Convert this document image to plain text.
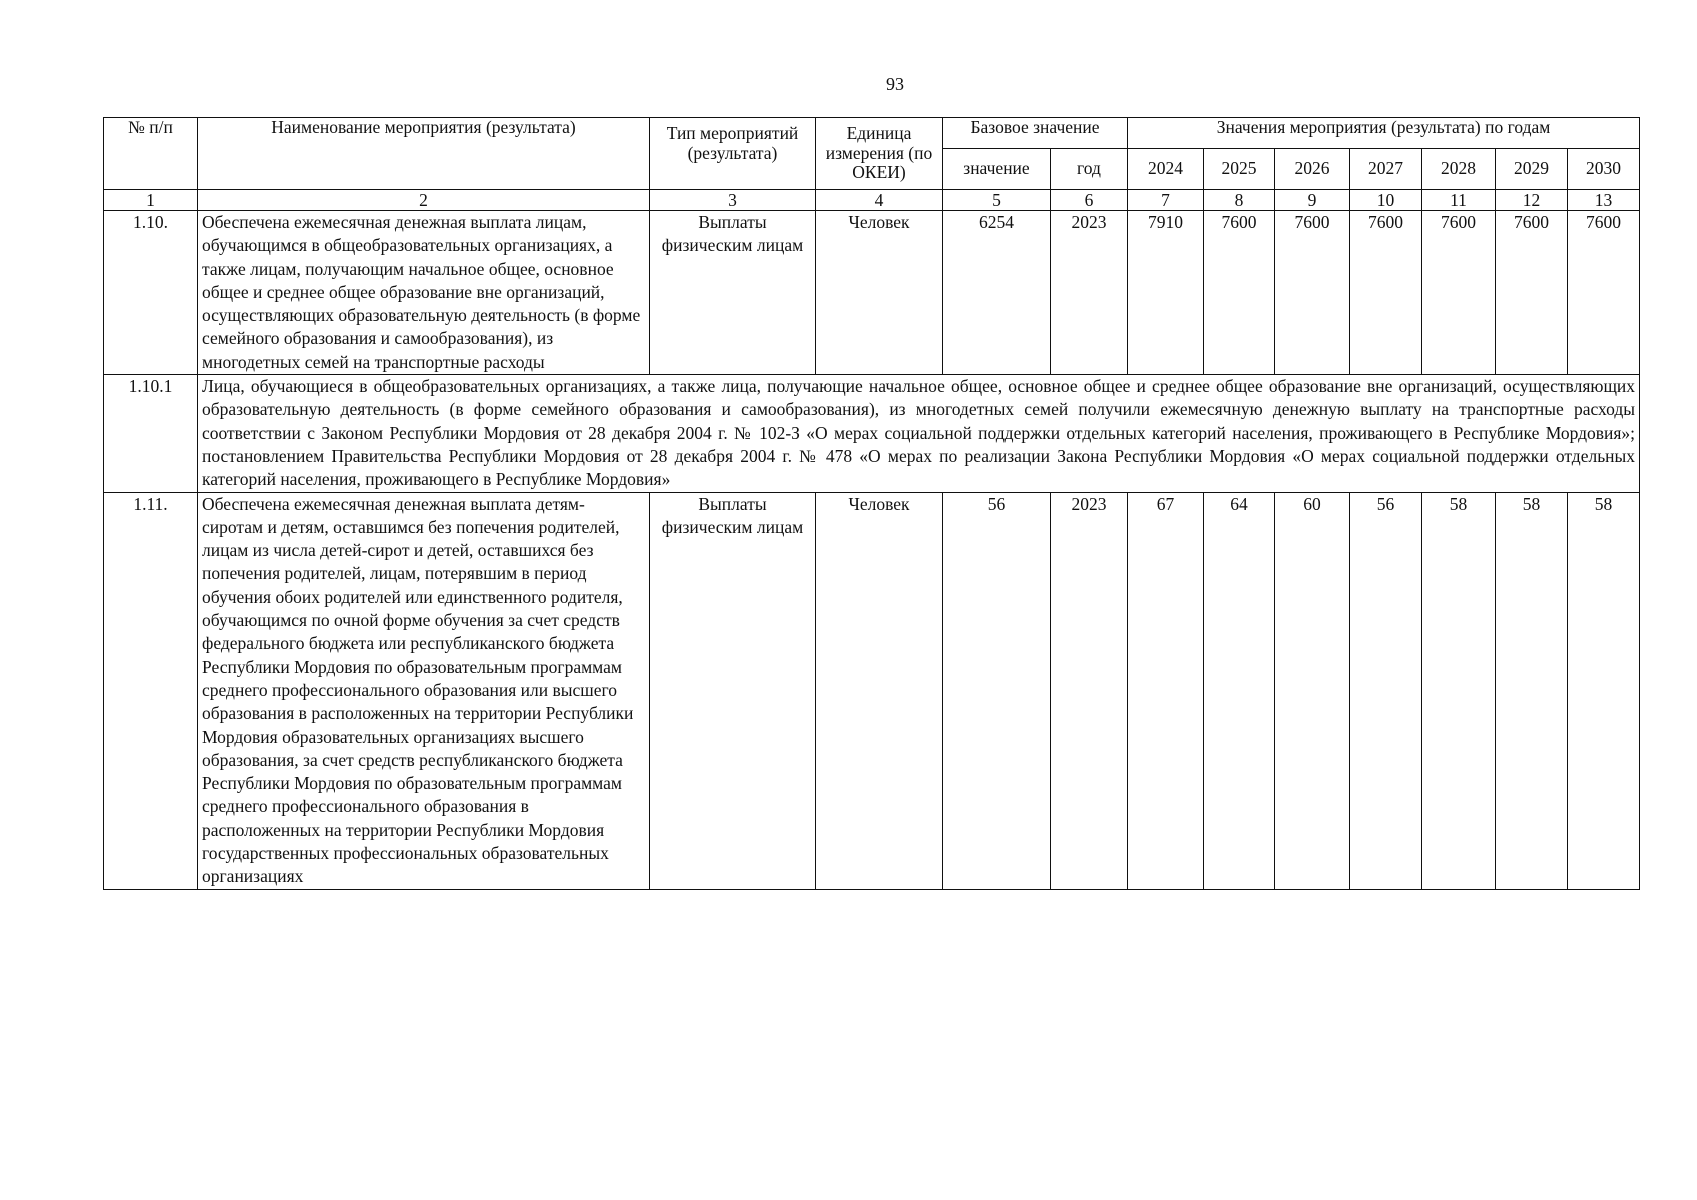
93
№ п/п	Наименование мероприятия (результата)	Тип мероприятий (результата)	Единица измерения (по ОКЕИ)	Базовое значение		Значения мероприятия (результата) по годам						
				значение	год	2024	2025	2026	2027	2028	2029	2030
1	2	3	4	5	6	7	8	9	10	11	12	13
1.10.	Обеспечена ежемесячная денежная выплата лицам, обучающимся в общеобразовательных организациях, а также лицам, получающим начальное общее, основное общее и среднее общее образование вне организаций, осуществляющих образовательную деятельность (в форме семейного образования и самообразования), из многодетных семей на транспортные расходы	Выплаты физическим лицам	Человек	6254	2023	7910	7600	7600	7600	7600	7600	7600
1.10.1	Лица, обучающиеся в общеобразовательных организациях, а также лица, получающие начальное общее, основное общее и среднее общее образование вне организаций, осуществляющих образовательную деятельность (в форме семейного образования и самообразования), из многодетных семей получили ежемесячную денежную выплату на транспортные расходы соответствии с Законом Республики Мордовия от 28 декабря 2004 г. № 102-З «О мерах социальной поддержки отдельных категорий населения, проживающего в Республике Мордовия»; постановлением Правительства Республики Мордовия от 28 декабря 2004 г. № 478 «О мерах по реализации Закона Республики Мордовия «О мерах социальной поддержки отдельных категорий населения, проживающего в Республике Мордовия»											
1.11.	Обеспечена ежемесячная денежная выплата детям-сиротам и детям, оставшимся без попечения родителей, лицам из числа детей-сирот и детей, оставшихся без попечения родителей, лицам, потерявшим в период обучения обоих родителей или единственного родителя, обучающимся по очной форме обучения за счет средств федерального бюджета или республиканского бюджета Республики Мордовия по образовательным программам среднего профессионального образования или высшего образования в расположенных на территории Республики Мордовия образовательных организациях высшего образования, за счет средств республиканского бюджета Республики Мордовия по образовательным программам среднего профессионального образования в расположенных на территории Республики Мордовия государственных профессиональных образовательных организациях	Выплаты физическим лицам	Человек	56	2023	67	64	60	56	58	58	58
